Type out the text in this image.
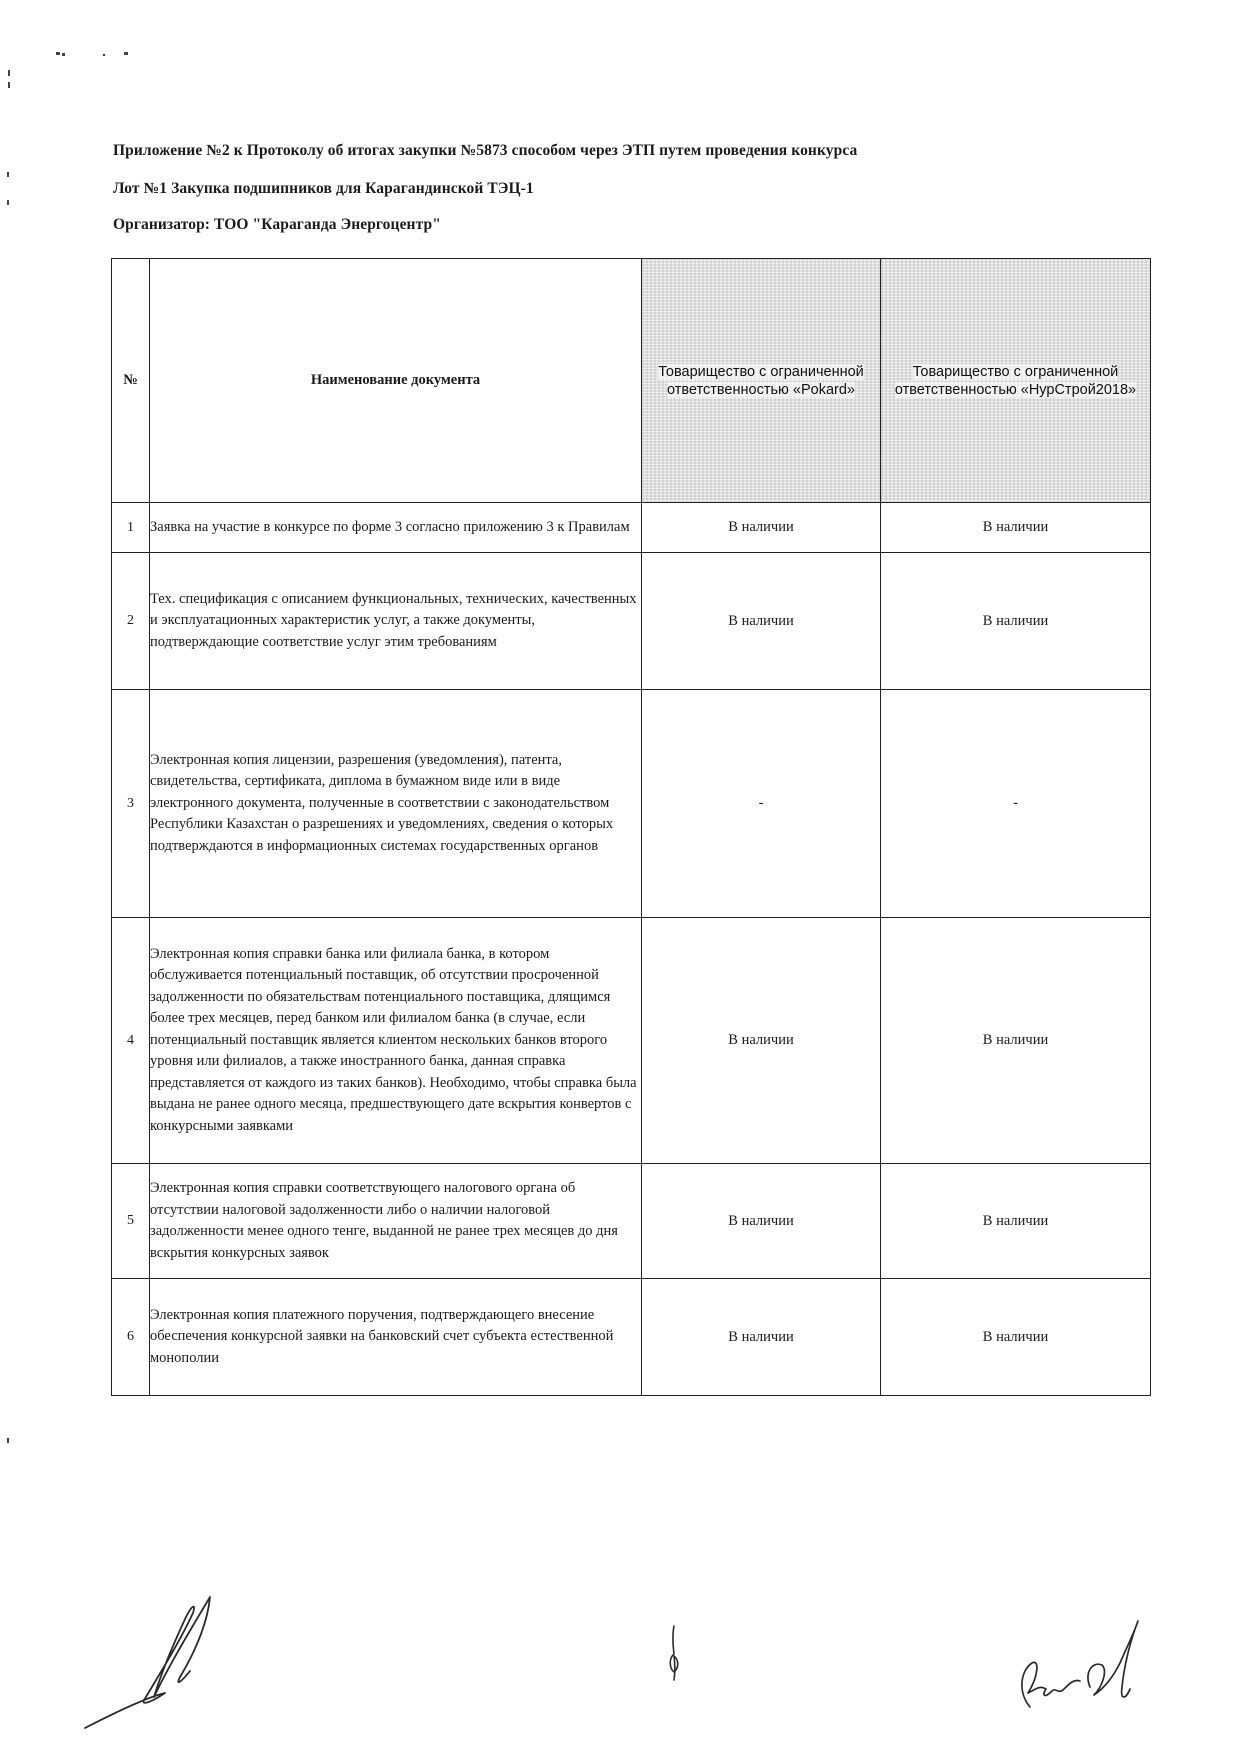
Приложение №2 к Протоколу об итогах закупки №5873 способом через ЭТП путем проведения конкурса
Лот №1 Закупка подшипников для Карагандинской ТЭЦ-1
Организатор: ТОО "Караганда Энергоцентр"
№	Наименование документа	Товарищество с ограниченной ответственностью «Pokard»	Товарищество с ограниченной ответственностью «НурСтрой2018»
1	Заявка на участие в конкурсе по форме 3 согласно приложению 3 к Правилам	В наличии	В наличии
2	Тех. спецификация с описанием функциональных, технических, качественных и эксплуатационных характеристик услуг, а также документы, подтверждающие соответствие услуг этим требованиям	В наличии	В наличии
3	Электронная копия лицензии, разрешения (уведомления), патента, свидетельства, сертификата, диплома в бумажном виде или в виде электронного документа, полученные в соответствии с законодательством Республики Казахстан о разрешениях и уведомлениях, сведения о которых подтверждаются в информационных системах государственных органов	-	-
4	Электронная копия справки банка или филиала банка, в котором обслуживается потенциальный поставщик, об отсутствии просроченной задолженности по обязательствам потенциального поставщика, длящимся более трех месяцев, перед банком или филиалом банка (в случае, если потенциальный поставщик является клиентом нескольких банков второго уровня или филиалов, а также иностранного банка, данная справка представляется от каждого из таких банков). Необходимо, чтобы справка была выдана не ранее одного месяца, предшествующего дате вскрытия конвертов с конкурсными заявками	В наличии	В наличии
5	Электронная копия справки соответствующего налогового органа об отсутствии налоговой задолженности либо о наличии налоговой задолженности менее одного тенге, выданной не ранее трех месяцев до дня вскрытия конкурсных заявок	В наличии	В наличии
6	Электронная копия платежного поручения, подтверждающего внесение обеспечения конкурсной заявки на банковский счет субъекта естественной монополии	В наличии	В наличии
